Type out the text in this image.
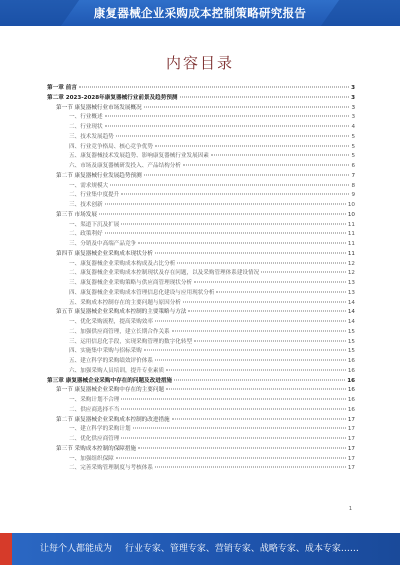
康复器械企业采购成本控制策略研究报告
内容目录
第一章 前言	3
第二章 2023-2028年康复器械行业前景及趋势预测	3
第一节 康复器械行业市场发展概况	3
一、行业概述	3
二、行业现状	4
三、技术发展趋势	5
四、行业竞争格局、核心竞争优势	5
五、康复器械技术发展趋势、影响康复器械行业发展因素	5
六、市场及康复器械研发投入、产品结构分析	6
第二节 康复器械行业发展趋势预测	7
一、需求规模大	8
二、行业集中度提升	9
三、技术创新	10
第三节 市场发展	10
一、渠道下沉及扩展	11
二、政策利好	11
三、分销及中高端产品竞争	11
第四节 康复器械企业采购成本现状分析	11
一、康复器械企业采购成本构成及占比分析	12
二、康复器械企业采购成本控制现状及存在问题，以及采购管理体系建设情况	12
三、康复器械企业采购策略与供应商管理现状分析	13
四、康复器械企业采购成本管理信息化建设与应用现状分析	13
五、采购成本控制存在的主要问题与原因分析	14
第五节 康复器械企业采购成本控制的主要策略与方法	14
一、优化采购流程，提高采购效率	14
二、加强供应商管理，建立长期合作关系	15
三、运用信息化手段，实现采购管理的数字化转型	15
四、实施集中采购与招标采购	15
五、建立科学的采购绩效评价体系	16
六、加强采购人员培训，提升专业素质	16
第三章 康复器械企业采购中存在的问题及改进措施	16
第一节 康复器械企业采购中存在的主要问题	16
一、采购计划不合理	16
二、供应商选择不当	16
第二节 康复器械企业采购成本控制的改进措施	17
一、建立科学的采购计划	17
二、优化供应商管理	17
第三节 采购成本控制的保障措施	17
一、加强组织保障	17
二、完善采购管理制度与考核体系	17
1
让每个人都能成为 行业专家、管理专家、营销专家、战略专家、成本专家……
